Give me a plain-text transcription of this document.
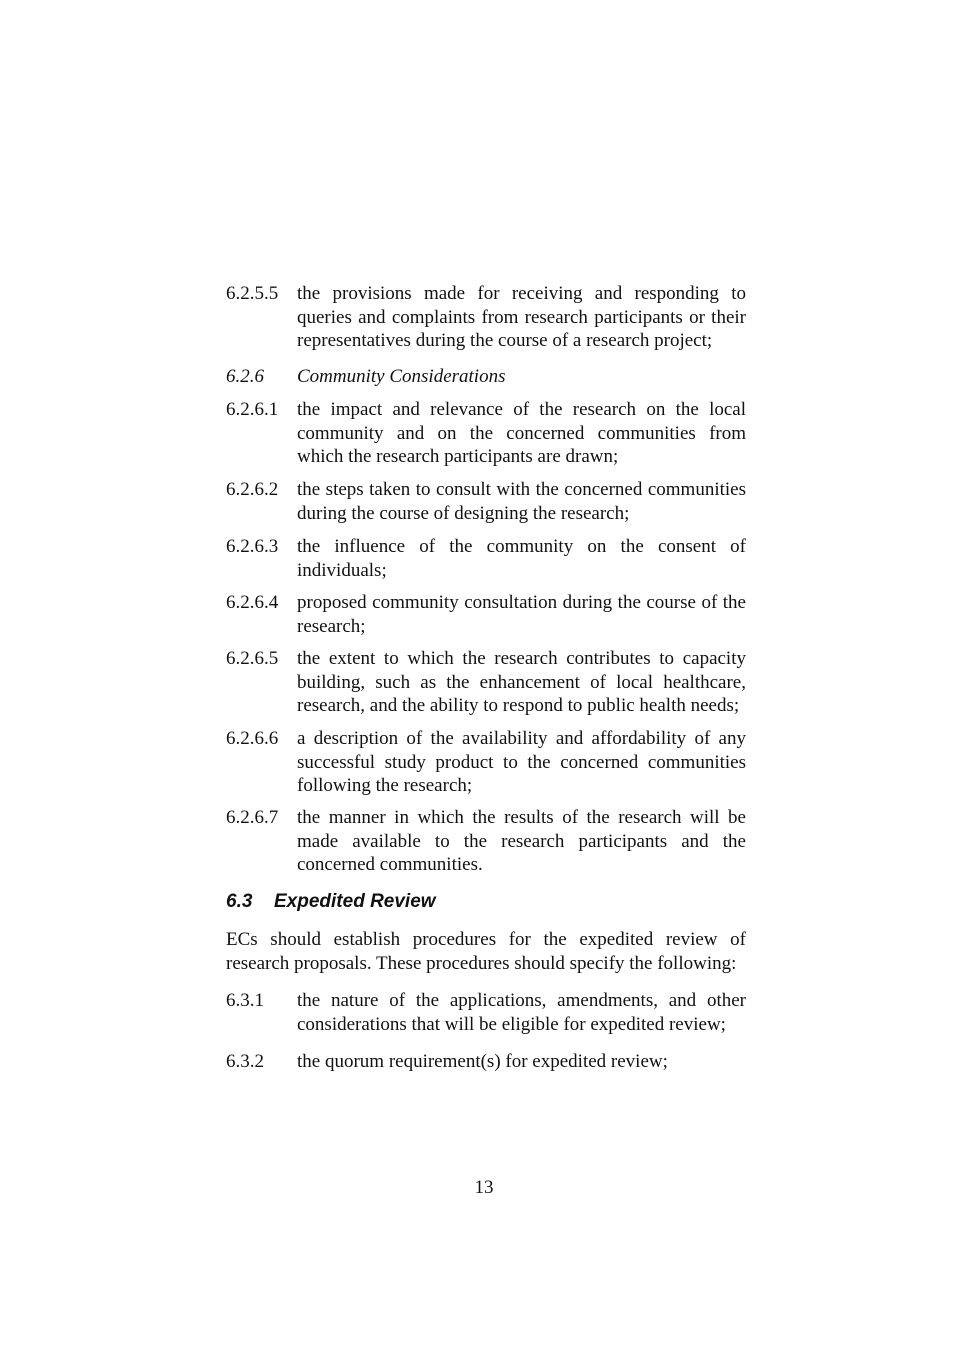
6.2.5.5 the provisions made for receiving and responding to queries and complaints from research participants or their representatives during the course of a research project;
6.2.6	Community Considerations
6.2.6.1 the impact and relevance of the research on the local community and on the concerned communities from which the research participants are drawn;
6.2.6.2 the steps taken to consult with the concerned communities during the course of designing the research;
6.2.6.3 the influence of the community on the consent of individuals;
6.2.6.4 proposed community consultation during the course of the research;
6.2.6.5 the extent to which the research contributes to capacity building, such as the enhancement of local healthcare, research, and the ability to respond to public health needs;
6.2.6.6 a description of the availability and affordability of any successful study product to the concerned communities following the research;
6.2.6.7 the manner in which the results of the research will be made available to the research participants and the concerned communities.
6.3	Expedited Review
ECs should establish procedures for the expedited review of research proposals. These procedures should specify the following:
6.3.1	the nature of the applications, amendments, and other considerations that will be eligible for expedited review;
6.3.2	the quorum requirement(s) for expedited review;
13
